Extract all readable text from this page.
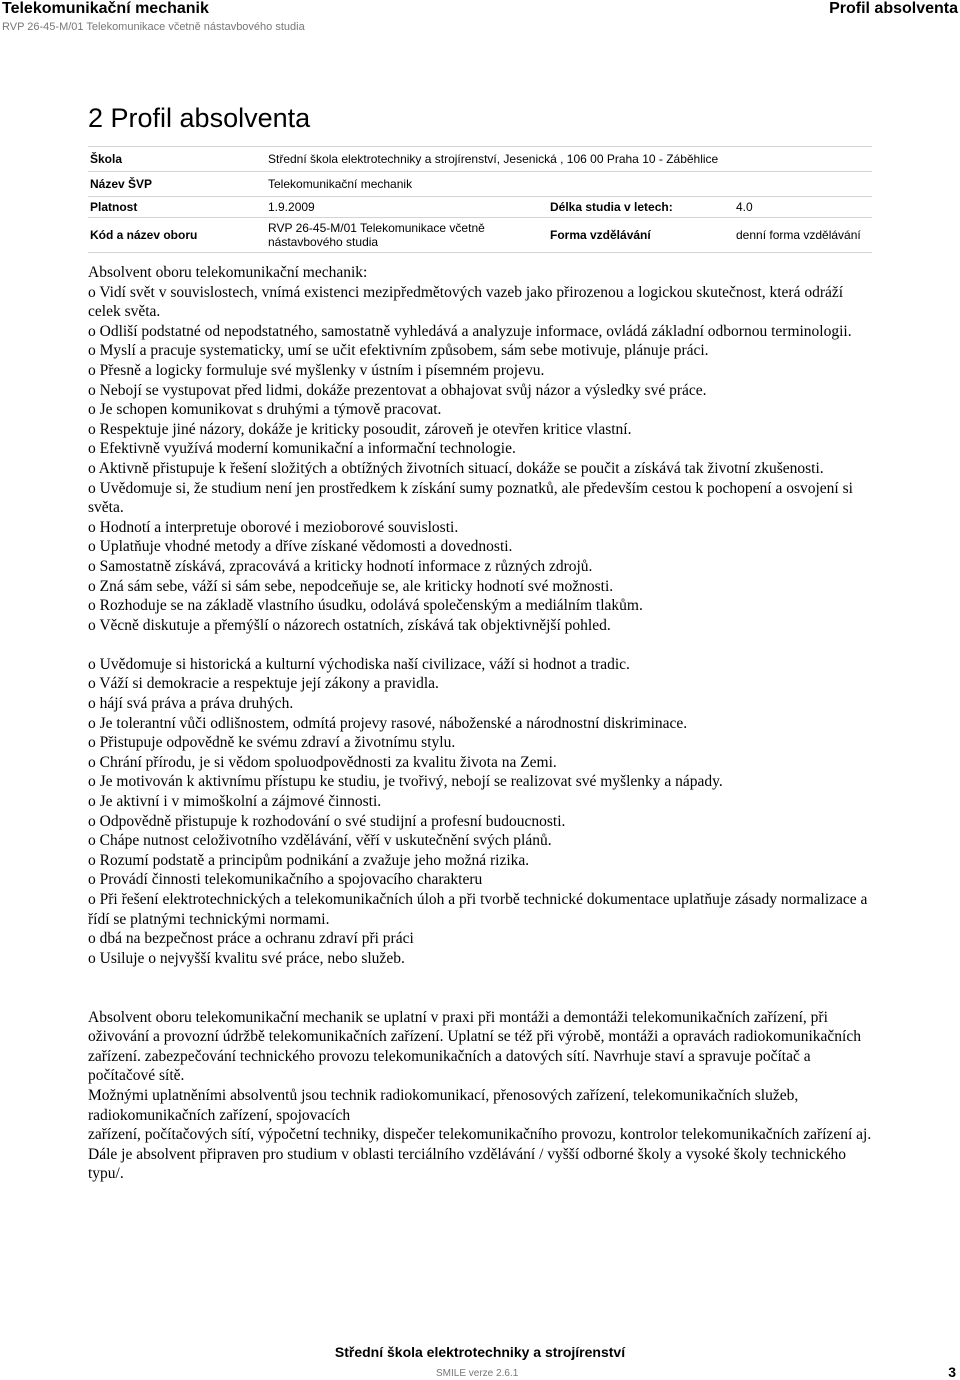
Telekomunikační mechanik
RVP 26-45-M/01 Telekomunikace včetně nástavbového studia
Profil absolventa
2 Profil absolventa
Škola	Střední škola elektrotechniky a strojírenství, Jesenická , 106 00 Praha 10 - Záběhlice		
Název ŠVP	Telekomunikační mechanik		
Platnost	1.9.2009	Délka studia v letech:	4.0
Kód a název oboru	RVP 26-45-M/01 Telekomunikace včetně nástavbového studia	Forma vzdělávání	denní forma vzdělávání

Absolvent oboru telekomunikační mechanik:

o Vidí svět v souvislostech, vnímá existenci mezipředmětových vazeb jako přirozenou a logickou skutečnost, která odráží celek světa.

o Odliší podstatné od nepodstatného, samostatně vyhledává a analyzuje informace, ovládá základní odbornou terminologii.

o Myslí a pracuje systematicky, umí se učit efektivním způsobem, sám sebe motivuje, plánuje práci.

o Přesně a logicky formuluje své myšlenky v ústním i písemném projevu.

o Nebojí se vystupovat před lidmi, dokáže prezentovat a obhajovat svůj názor a výsledky své práce.

o Je schopen komunikovat s druhými a týmově pracovat.

o Respektuje jiné názory, dokáže je kriticky posoudit, zároveň je otevřen kritice vlastní.

o Efektivně využívá moderní komunikační a informační technologie.

o Aktivně přistupuje k řešení složitých a obtížných životních situací, dokáže se poučit a získává tak životní zkušenosti.

o Uvědomuje si, že studium není jen prostředkem k získání sumy poznatků, ale především cestou k pochopení a osvojení si světa.

o Hodnotí a interpretuje oborové i mezioborové souvislosti.

o Uplatňuje vhodné metody a dříve získané vědomosti a dovednosti.

o Samostatně získává, zpracovává a kriticky hodnotí informace z různých zdrojů.

o Zná sám sebe, váží si sám sebe, nepodceňuje se, ale kriticky hodnotí své možnosti.

o Rozhoduje se na základě vlastního úsudku, odolává společenským a mediálním tlakům.

o Věcně diskutuje a přemýšlí o názorech ostatních, získává tak objektivnější pohled.

o Uvědomuje si historická a kulturní východiska naší civilizace, váží si hodnot a tradic.

o Váží si demokracie a respektuje její zákony a pravidla.

o hájí svá práva a práva druhých.

o Je tolerantní vůči odlišnostem, odmítá projevy rasové, náboženské a národnostní diskriminace.

o Přistupuje odpovědně ke svému zdraví a životnímu stylu.

o Chrání přírodu, je si vědom spoluodpovědnosti za kvalitu života na Zemi.

o Je motivován k aktivnímu přístupu ke studiu, je tvořivý, nebojí se realizovat své myšlenky a nápady.

o Je aktivní i v mimoškolní a zájmové činnosti.

o Odpovědně přistupuje k rozhodování o své studijní a profesní budoucnosti.

o Chápe nutnost celoživotního vzdělávání, věří v uskutečnění svých plánů.

o Rozumí podstatě a principům podnikání a zvažuje jeho možná rizika.

o Provádí činnosti telekomunikačního a spojovacího charakteru

o Při řešení elektrotechnických a telekomunikačních úloh a při tvorbě technické dokumentace uplatňuje zásady normalizace a řídí se platnými technickými normami.

o dbá na bezpečnost práce a ochranu zdraví při práci

o Usiluje o nejvyšší kvalitu své práce, nebo služeb.

Absolvent oboru telekomunikační mechanik se uplatní v praxi při montáži a demontáži telekomunikačních zařízení, při oživování a provozní údržbě telekomunikačních zařízení. Uplatní se též při výrobě, montáži a opravách radiokomunikačních zařízení. zabezpečování technického provozu telekomunikačních a datových sítí. Navrhuje staví a spravuje počítač a počítačové sítě.

Možnými uplatněními absolventů jsou technik radiokomunikací, přenosových zařízení, telekomunikačních služeb, radiokomunikačních zařízení, spojovacích

zařízení, počítačových sítí, výpočetní techniky, dispečer telekomunikačního provozu, kontrolor telekomunikačních zařízení aj.

Dále je absolvent připraven pro studium v oblasti terciálního vzdělávání / vyšší odborné školy a vysoké školy technického typu/.

Střední škola elektrotechniky a strojírenství
SMILE verze 2.6.1	3
